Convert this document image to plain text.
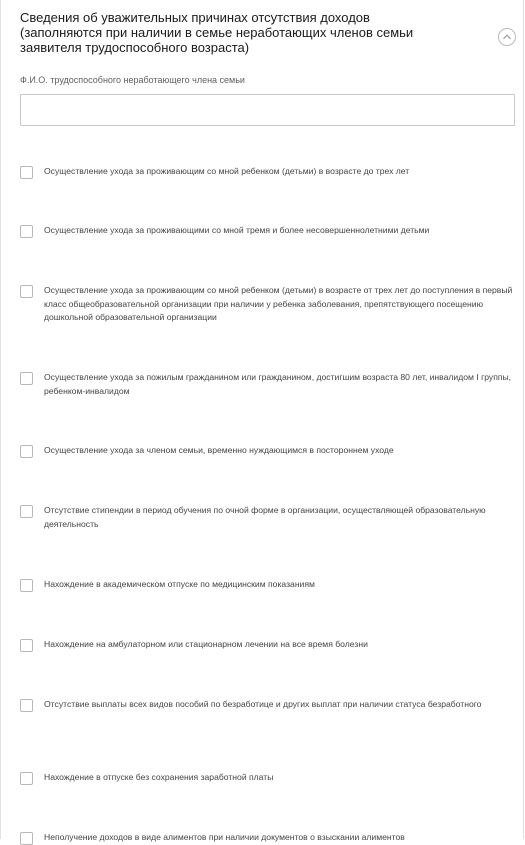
Сведения об уважительных причинах отсутствия доходов (заполняются при наличии в семье неработающих членов семьи заявителя трудоспособного возраста)
Ф.И.О. трудоспособного неработающего члена семьи
Осуществление ухода за проживающим со мной ребенком (детьми) в возрасте до трех лет
Осуществление ухода за проживающими со мной тремя и более несовершеннолетними детьми
Осуществление ухода за проживающим со мной ребенком (детьми) в возрасте от трех лет до поступления в первый класс общеобразовательной организации при наличии у ребенка заболевания, препятствующего посещению дошкольной образовательной организации
Осуществление ухода за пожилым гражданином или гражданином, достигшим возраста 80 лет, инвалидом I группы, ребенком-инвалидом
Осуществление ухода за членом семьи, временно нуждающимся в постороннем уходе
Отсутствие стипендии в период обучения по очной форме в организации, осуществляющей образовательную деятельность
Нахождение в академическом отпуске по медицинским показаниям
Нахождение на амбулаторном или стационарном лечении на все время болезни
Отсутствие выплаты всех видов пособий по безработице и других выплат при наличии статуса безработного
Нахождение в отпуске без сохранения заработной платы
Неполучение доходов в виде алиментов при наличии документов о взыскании алиментов
